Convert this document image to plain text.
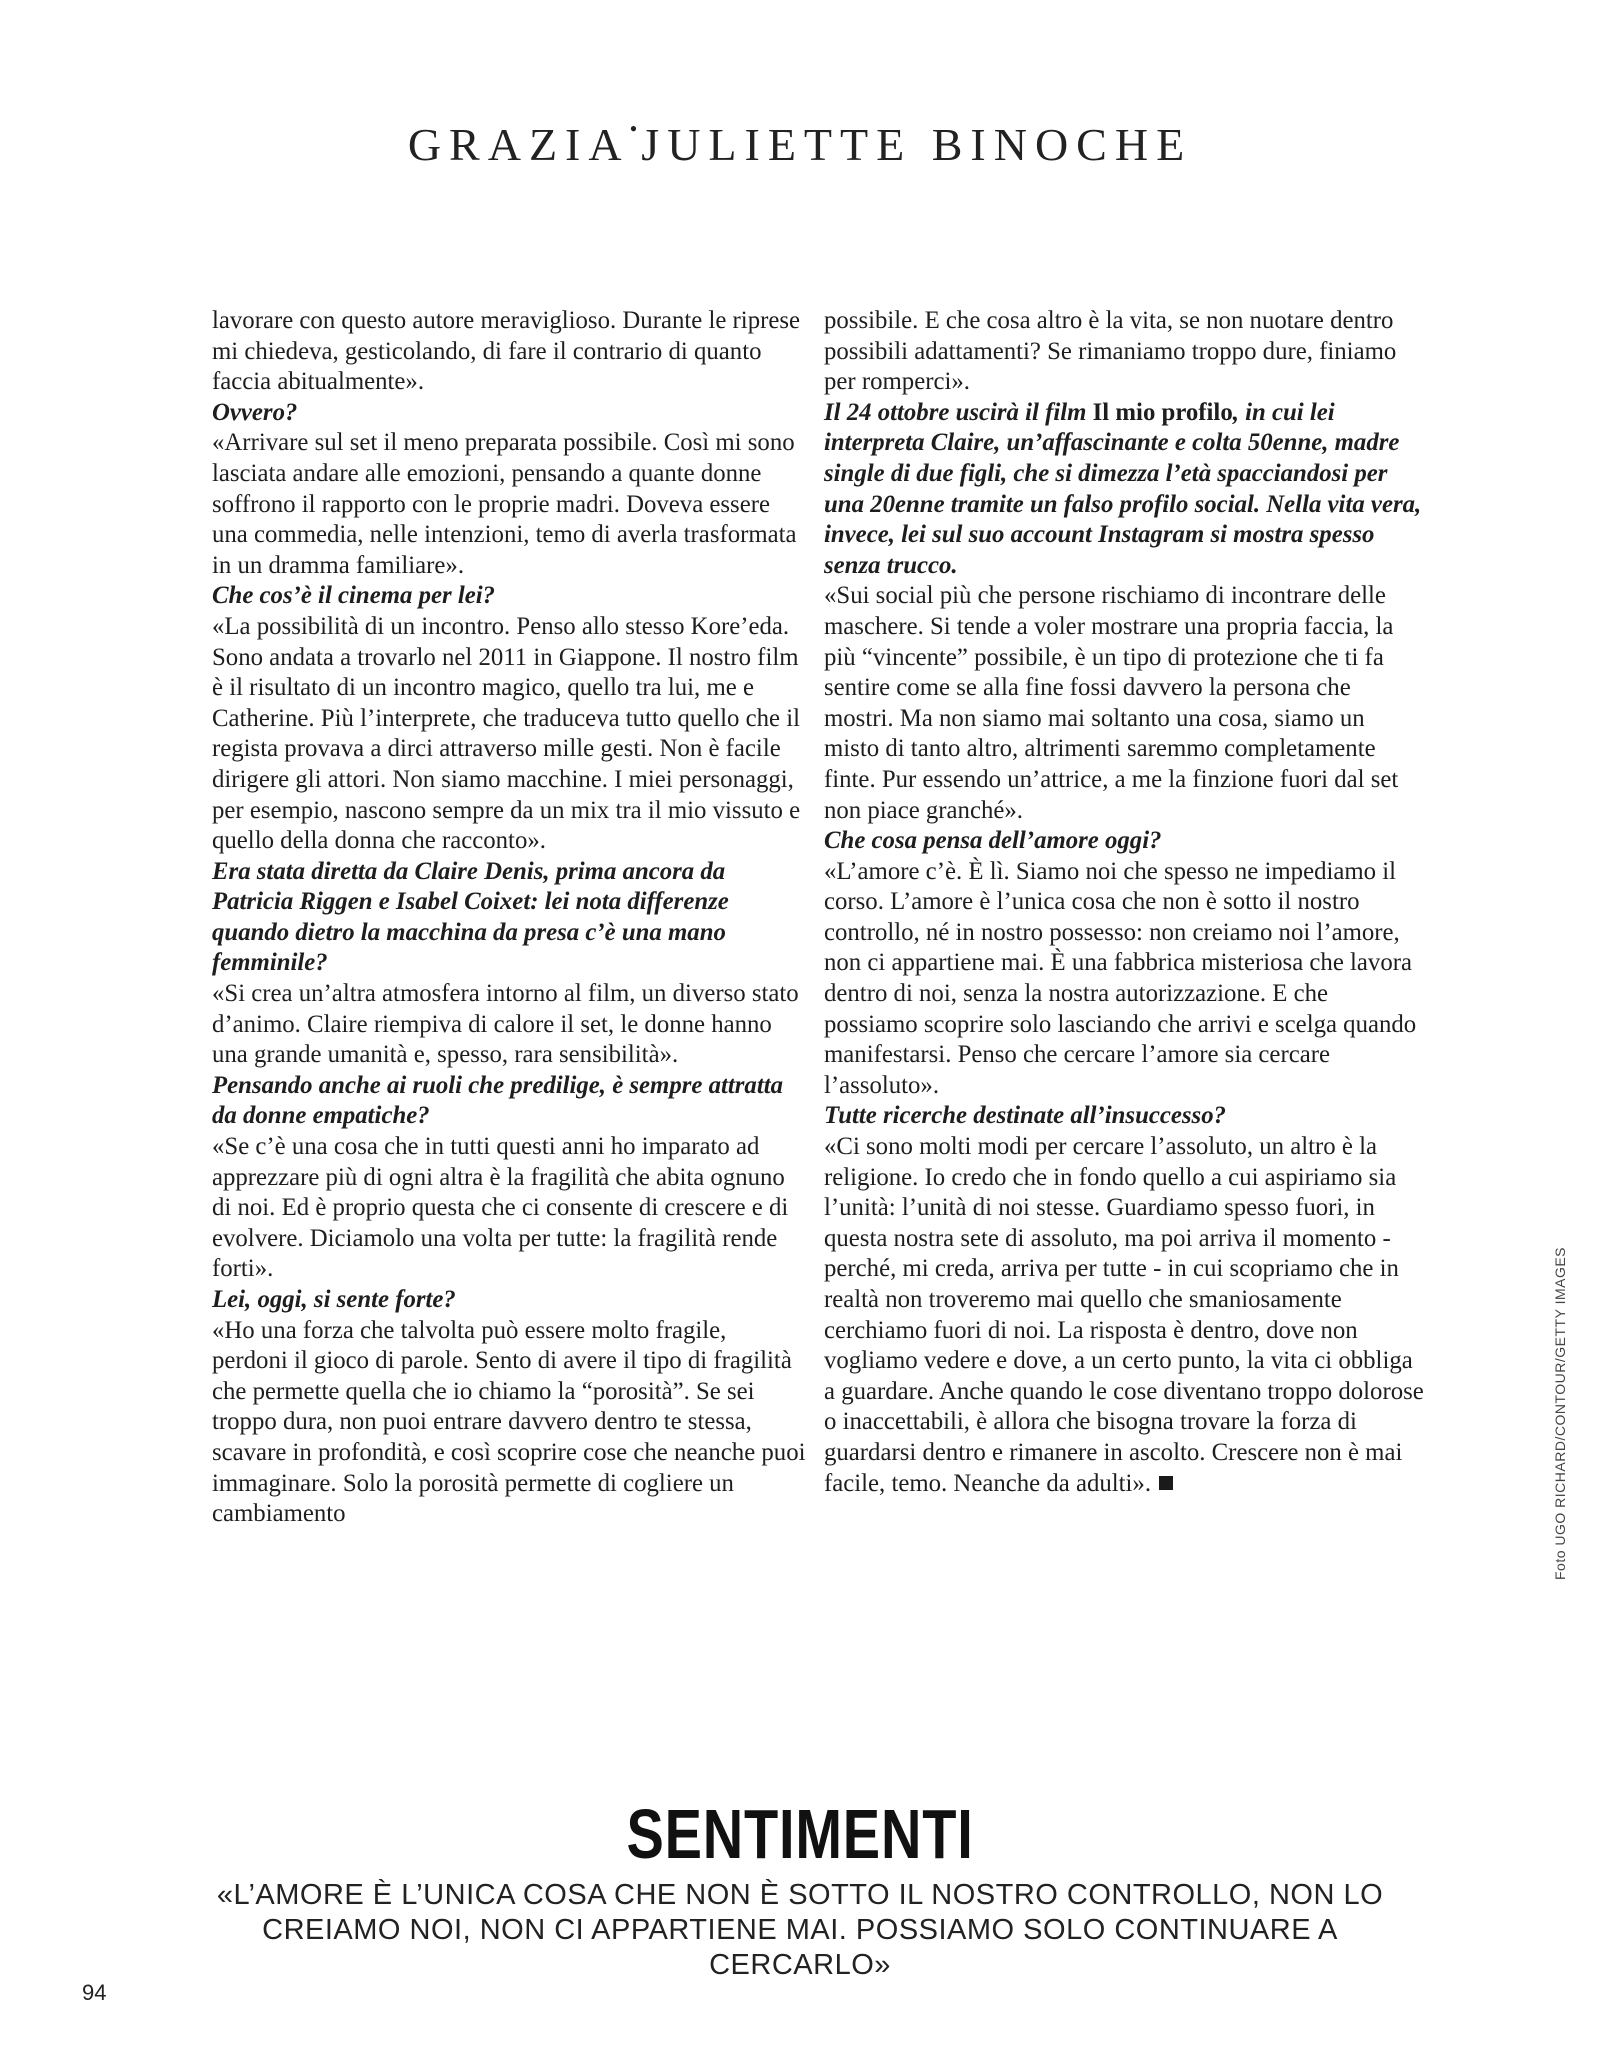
GRAZIA•JULIETTE BINOCHE

lavorare con questo autore meraviglioso. Durante le riprese mi chiedeva, gesticolando, di fare il contrario di quanto faccia abitualmente».

Ovvero?

«Arrivare sul set il meno preparata possibile. Così mi sono lasciata andare alle emozioni, pensando a quante donne soffrono il rapporto con le proprie madri. Doveva essere una commedia, nelle intenzioni, temo di averla trasformata in un dramma familiare».

Che cos’è il cinema per lei?

«La possibilità di un incontro. Penso allo stesso Kore’eda. Sono andata a trovarlo nel 2011 in Giappone. Il nostro film è il risultato di un incontro magico, quello tra lui, me e Catherine. Più l’interprete, che traduceva tutto quello che il regista provava a dirci attraverso mille gesti. Non è facile dirigere gli attori. Non siamo macchine. I miei personaggi, per esempio, nascono sempre da un mix tra il mio vissuto e quello della donna che racconto».

Era stata diretta da Claire Denis, prima ancora da Patricia Riggen e Isabel Coixet: lei nota differenze quando dietro la macchina da presa c’è una mano femminile?

«Si crea un’altra atmosfera intorno al film, un diverso stato d’animo. Claire riempiva di calore il set, le donne hanno una grande umanità e, spesso, rara sensibilità».

Pensando anche ai ruoli che predilige, è sempre attratta da donne empatiche?

«Se c’è una cosa che in tutti questi anni ho imparato ad apprezzare più di ogni altra è la fragilità che abita ognuno di noi. Ed è proprio questa che ci consente di crescere e di evolvere. Diciamolo una volta per tutte: la fragilità rende forti».

Lei, oggi, si sente forte?

«Ho una forza che talvolta può essere molto fragile, perdoni il gioco di parole. Sento di avere il tipo di fragilità che permette quella che io chiamo la “porosità”. Se sei troppo dura, non puoi entrare davvero dentro te stessa, scavare in profondità, e così scoprire cose che neanche puoi immaginare. Solo la porosità permette di cogliere un cambiamento

possibile. E che cosa altro è la vita, se non nuotare dentro possibili adattamenti? Se rimaniamo troppo dure, finiamo per romperci».

Il 24 ottobre uscirà il film Il mio profilo, in cui lei interpreta Claire, un’affascinante e colta 50enne, madre single di due figli, che si dimezza l’età spacciandosi per una 20enne tramite un falso profilo social. Nella vita vera, invece, lei sul suo account Instagram si mostra spesso senza trucco.

«Sui social più che persone rischiamo di incontrare delle maschere. Si tende a voler mostrare una propria faccia, la più “vincente” possibile, è un tipo di protezione che ti fa sentire come se alla fine fossi davvero la persona che mostri. Ma non siamo mai soltanto una cosa, siamo un misto di tanto altro, altrimenti saremmo completamente finte. Pur essendo un’attrice, a me la finzione fuori dal set non piace granché».

Che cosa pensa dell’amore oggi?

«L’amore c’è. È lì. Siamo noi che spesso ne impediamo il corso. L’amore è l’unica cosa che non è sotto il nostro controllo, né in nostro possesso: non creiamo noi l’amore, non ci appartiene mai. È una fabbrica misteriosa che lavora dentro di noi, senza la nostra autorizzazione. E che possiamo scoprire solo lasciando che arrivi e scelga quando manifestarsi. Penso che cercare l’amore sia cercare l’assoluto».

Tutte ricerche destinate all’insuccesso?

«Ci sono molti modi per cercare l’assoluto, un altro è la religione. Io credo che in fondo quello a cui aspiriamo sia l’unità: l’unità di noi stesse. Guardiamo spesso fuori, in questa nostra sete di assoluto, ma poi arriva il momento - perché, mi creda, arriva per tutte - in cui scopriamo che in realtà non troveremo mai quello che smaniosamente cerchiamo fuori di noi. La risposta è dentro, dove non vogliamo vedere e dove, a un certo punto, la vita ci obbliga a guardare. Anche quando le cose diventano troppo dolorose o inaccettabili, è allora che bisogna trovare la forza di guardarsi dentro e rimanere in ascolto. Crescere non è mai facile, temo. Neanche da adulti».

SENTIMENTI
«L’AMORE È L’UNICA COSA CHE NON È SOTTO IL NOSTRO CONTROLLO, NON LO CREIAMO NOI, NON CI APPARTIENE MAI. POSSIAMO SOLO CONTINUARE A CERCARLO»
94
Foto UGO RICHARD/CONTOUR/GETTY IMAGES
